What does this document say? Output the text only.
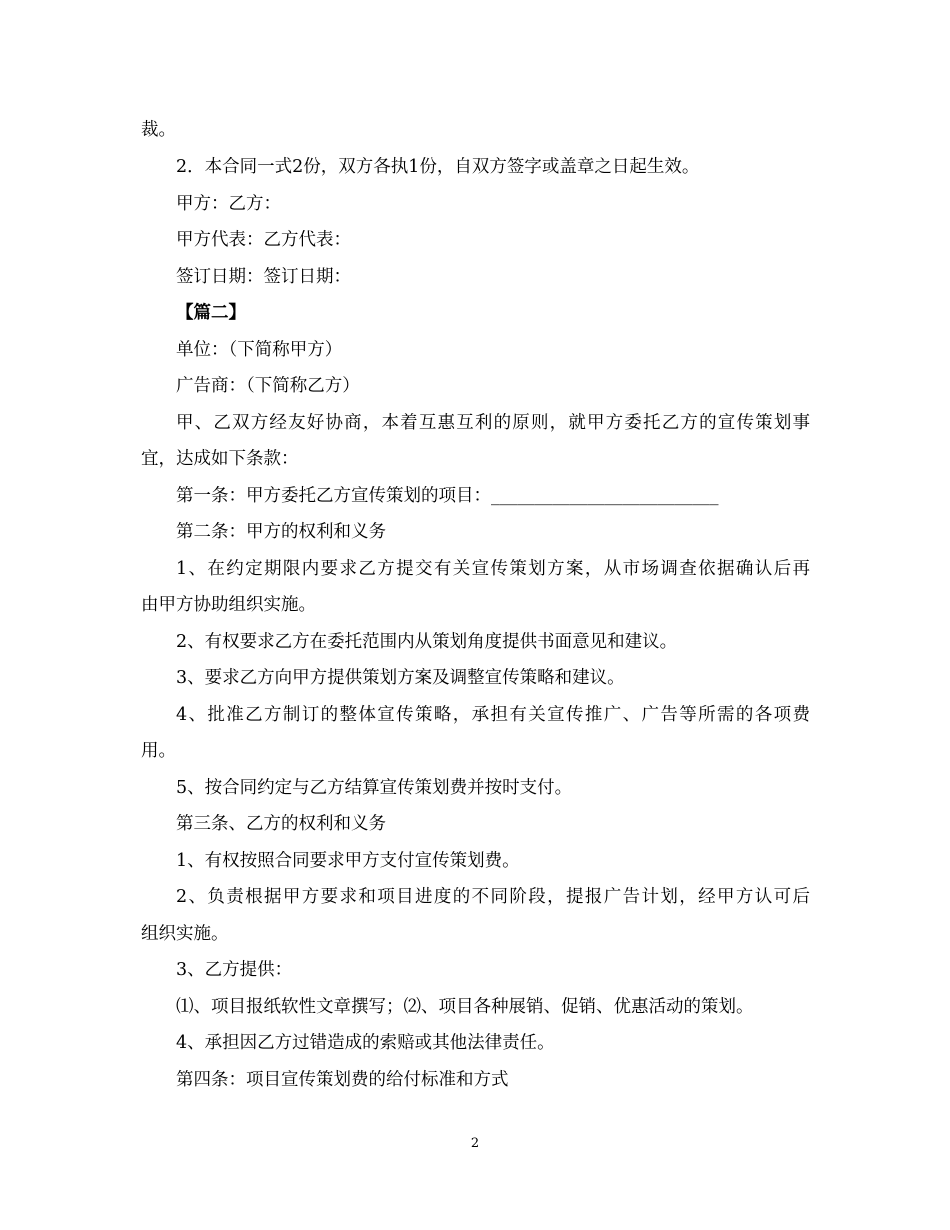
裁。
2．本合同一式2份，双方各执1份，自双方签字或盖章之日起生效。
甲方：乙方：
甲方代表：乙方代表：
签订日期：签订日期：
【篇二】
单位：（下简称甲方）
广告商：（下简称乙方）
甲、乙双方经友好协商，本着互惠互利的原则，就甲方委托乙方的宣传策划事
宜，达成如下条款：
第一条：甲方委托乙方宣传策划的项目：__________________________
第二条：甲方的权利和义务
1、在约定期限内要求乙方提交有关宣传策划方案，从市场调查依据确认后再
由甲方协助组织实施。
2、有权要求乙方在委托范围内从策划角度提供书面意见和建议。
3、要求乙方向甲方提供策划方案及调整宣传策略和建议。
4、批准乙方制订的整体宣传策略，承担有关宣传推广、广告等所需的各项费
用。
5、按合同约定与乙方结算宣传策划费并按时支付。
第三条、乙方的权利和义务
1、有权按照合同要求甲方支付宣传策划费。
2、负责根据甲方要求和项目进度的不同阶段，提报广告计划，经甲方认可后
组织实施。
3、乙方提供：
⑴、项目报纸软性文章撰写；⑵、项目各种展销、促销、优惠活动的策划。
4、承担因乙方过错造成的索赔或其他法律责任。
第四条：项目宣传策划费的给付标准和方式
2
